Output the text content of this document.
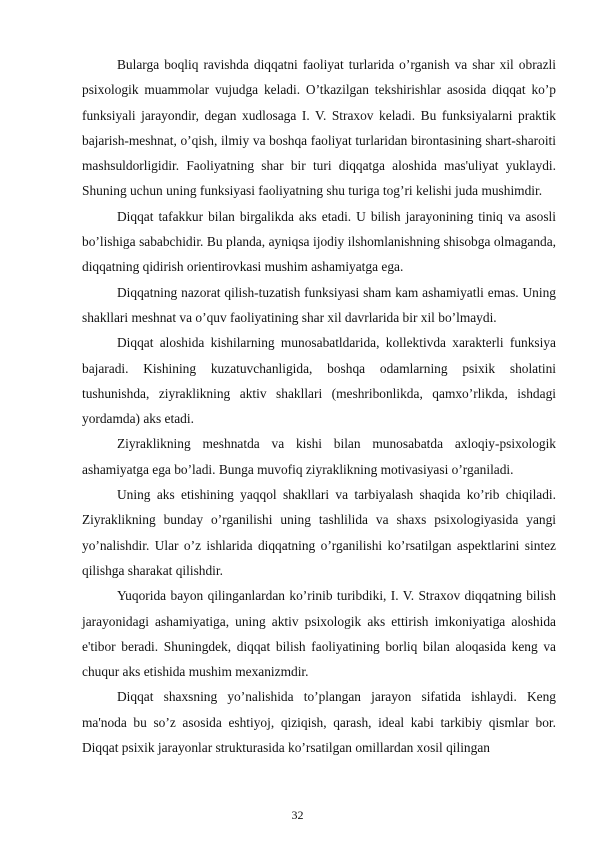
Bularga boqliq ravishda diqqatni faoliyat turlarida o’rganish va shar xil obrazli psixologik muammolar vujudga keladi. O’tkazilgan tekshirishlar asosida diqqat ko’p funksiyali jarayondir, degan xudlosaga I. V. Straxov keladi. Bu funksiyalarni praktik bajarish-meshnat, o’qish, ilmiy va boshqa faoliyat turlaridan birontasining shart-sharoiti mashsuldorligidir. Faoliyatning shar bir turi diqqatga aloshida mas'uliyat yuklaydi. Shuning uchun uning funksiyasi faoliyatning shu turiga tog’ri kelishi juda mushimdir.

Diqqat tafakkur bilan birgalikda aks etadi. U bilish jarayonining tiniq va asosli bo’lishiga sababchidir. Bu planda, ayniqsa ijodiy ilshomlanishning shisobga olmaganda, diqqatning qidirish orientirovkasi mushim ashamiyatga ega.

Diqqatning nazorat qilish-tuzatish funksiyasi sham kam ashamiyatli emas. Uning shakllari meshnat va o’quv faoliyatining shar xil davrlarida bir xil bo’lmaydi.

Diqqat aloshida kishilarning munosabatldarida, kollektivda xarakterli funksiya bajaradi. Kishining kuzatuvchanligida, boshqa odamlarning psixik sholatini tushunishda, ziyraklikning aktiv shakllari (meshribonlikda, qamxo’rlikda, ishdagi yordamda) aks etadi.

Ziyraklikning meshnatda va kishi bilan munosabatda axloqiy-psixologik ashamiyatga ega bo’ladi. Bunga muvofiq ziyraklikning motivasiyasi o’rganiladi.

Uning aks etishining yaqqol shakllari va tarbiyalash shaqida ko’rib chiqiladi. Ziyraklikning bunday o’rganilishi uning tashlilida va shaxs psixologiyasida yangi yo’nalishdir. Ular o’z ishlarida diqqatning o’rganilishi ko’rsatilgan aspektlarini sintez qilishga sharakat qilishdir.

Yuqorida bayon qilinganlardan ko’rinib turibdiki, I. V. Straxov diqqatning bilish jarayonidagi ashamiyatiga, uning aktiv psixologik aks ettirish imkoniyatiga aloshida e'tibor beradi. Shuningdek, diqqat bilish faoliyatining borliq bilan aloqasida keng va chuqur aks etishida mushim mexanizmdir.

Diqqat shaxsning yo’nalishida to’plangan jarayon sifatida ishlaydi. Keng ma'noda bu so’z asosida eshtiyoj, qiziqish, qarash, ideal kabi tarkibiy qismlar bor. Diqqat psixik jarayonlar strukturasida ko’rsatilgan omillardan xosil qilingan

32
